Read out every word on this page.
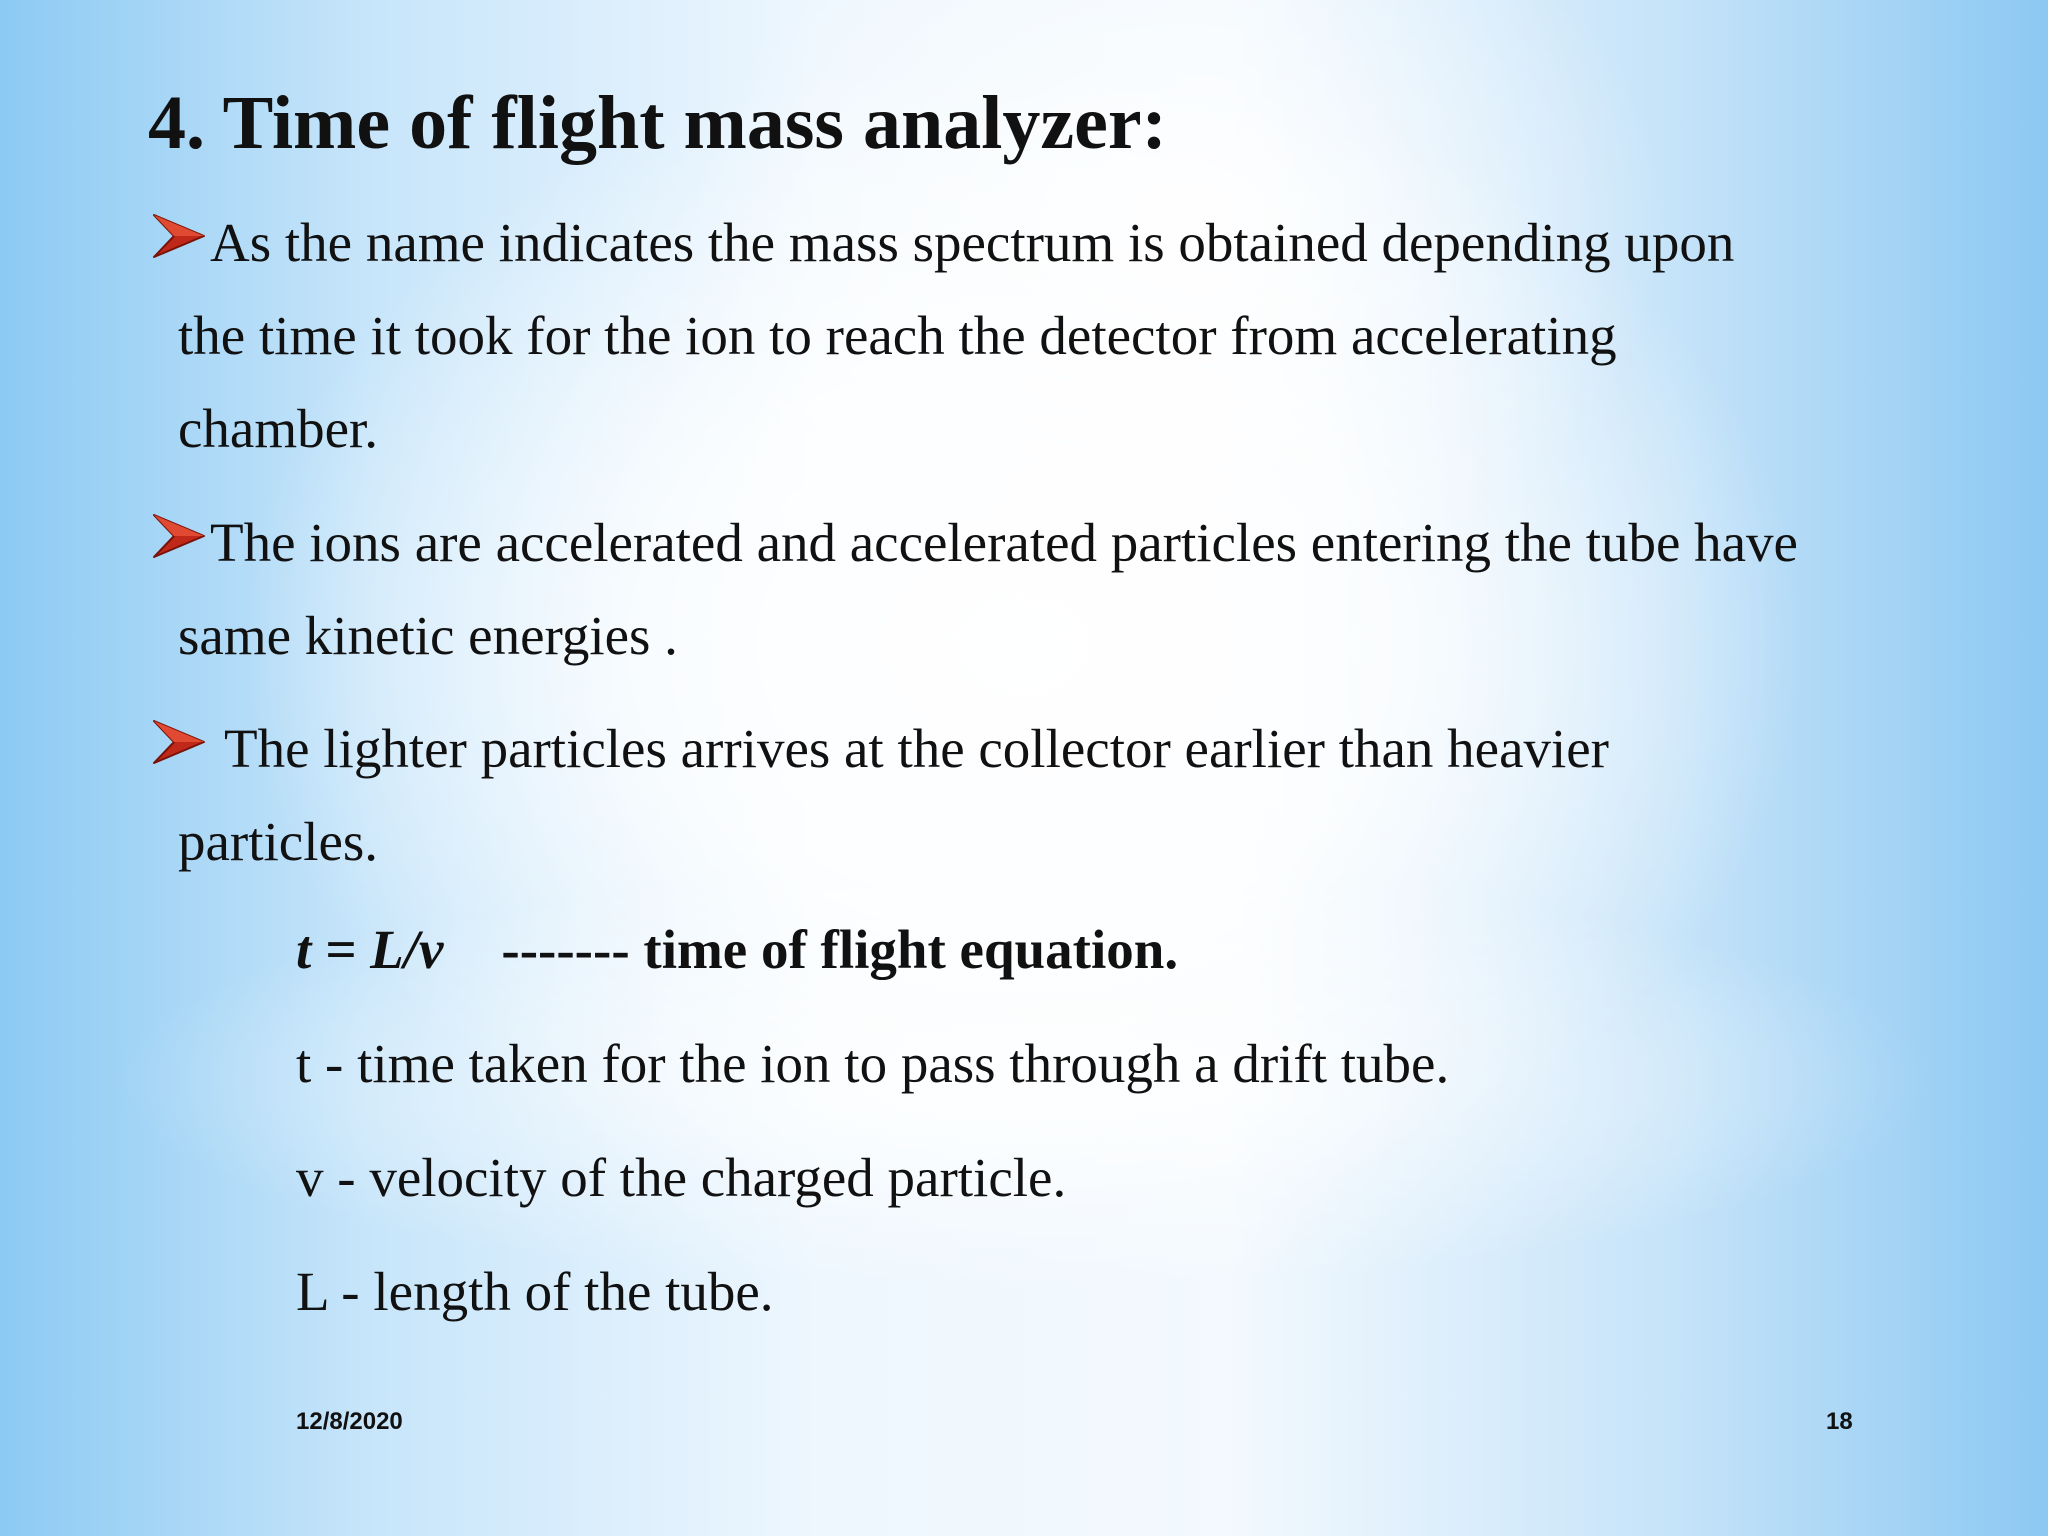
4. Time of flight mass analyzer:
As the name indicates the mass spectrum is obtained depending upon
the time it took for the ion to reach the detector from accelerating
chamber.
The ions are accelerated and accelerated particles entering the tube have
same kinetic energies .
The lighter particles arrives at the collector earlier than heavier
particles.
t = L/v ------- time of flight equation.
t - time taken for the ion to pass through a drift tube.
v - velocity of the charged particle.
L - length of the tube.
12/8/2020	18
